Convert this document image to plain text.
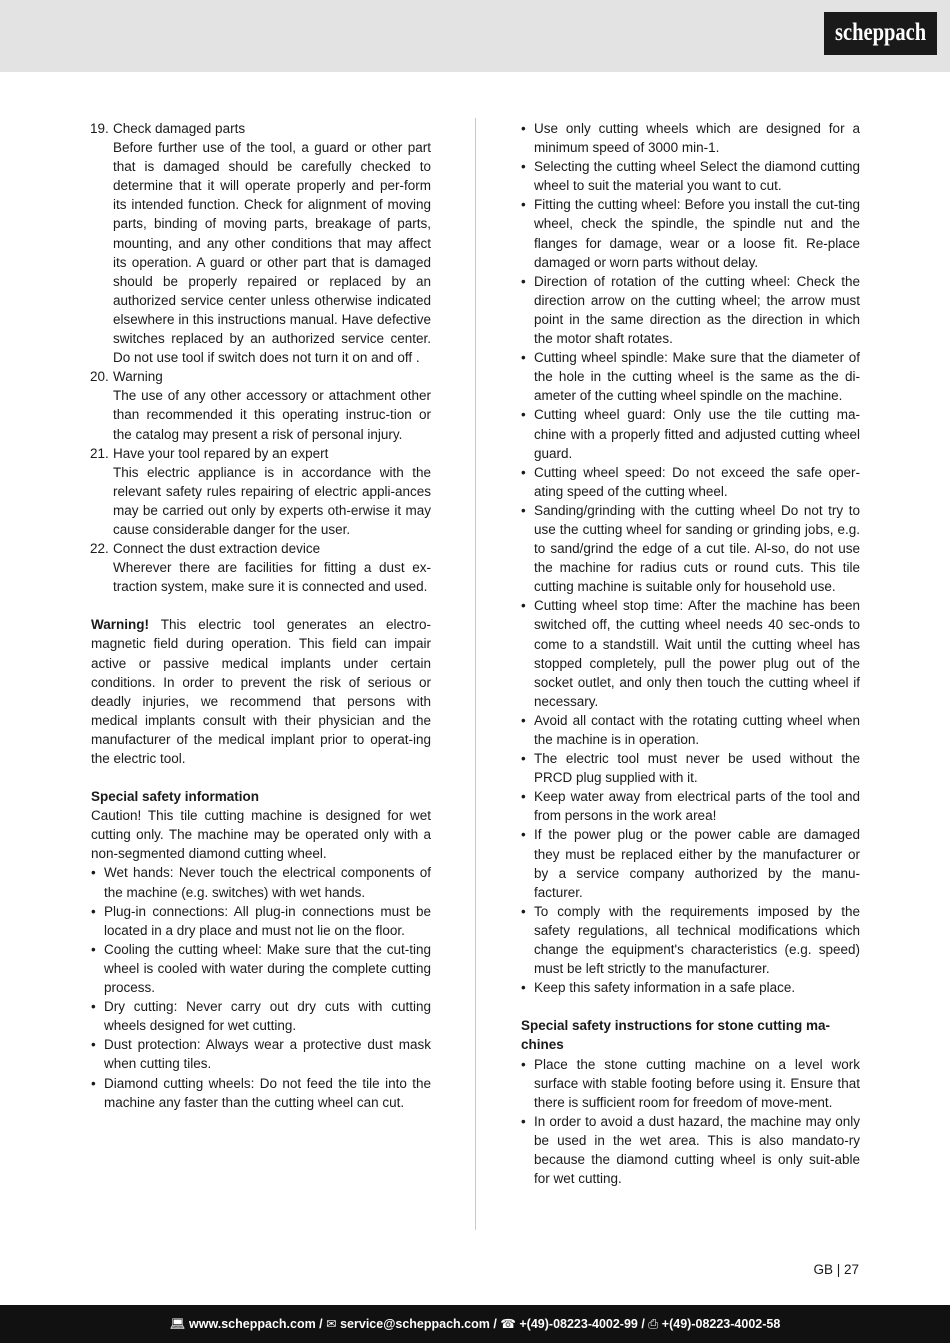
scheppach
19. Check damaged parts

Before further use of the tool, a guard or other part that is damaged should be carefully checked to determine that it will operate properly and per-form its intended function. Check for alignment of moving parts, binding of moving parts, breakage of parts, mounting, and any other conditions that may affect its operation. A guard or other part that is damaged should be properly repaired or replaced by an authorized service center unless otherwise indicated elsewhere in this instructions manual. Have defective switches replaced by an authorized service center. Do not use tool if switch does not turn it on and off .

20. Warning

The use of any other accessory or attachment other than recommended it this operating instruc-tion or the catalog may present a risk of personal injury.

21. Have your tool repared by an expert

This electric appliance is in accordance with the relevant safety rules repairing of electric appli-ances may be carried out only by experts oth-erwise it may cause considerable danger for the user.

22. Connect the dust extraction device

Wherever there are facilities for fitting a dust ex-traction system, make sure it is connected and used.

Warning! This electric tool generates an electro-magnetic field during operation. This field can impair active or passive medical implants under certain conditions. In order to prevent the risk of serious or deadly injuries, we recommend that persons with medical implants consult with their physician and the manufacturer of the medical implant prior to operat-ing the electric tool.

Special safety information

Caution! This tile cutting machine is designed for wet cutting only. The machine may be operated only with a non-segmented diamond cutting wheel.

• Wet hands: Never touch the electrical components of the machine (e.g. switches) with wet hands.
• Plug-in connections: All plug-in connections must be located in a dry place and must not lie on the floor.
• Cooling the cutting wheel: Make sure that the cut-ting wheel is cooled with water during the complete cutting process.
• Dry cutting: Never carry out dry cuts with cutting wheels designed for wet cutting.
• Dust protection: Always wear a protective dust mask when cutting tiles.
• Diamond cutting wheels: Do not feed the tile into the machine any faster than the cutting wheel can cut.
• Use only cutting wheels which are designed for a minimum speed of 3000 min-1.
• Selecting the cutting wheel Select the diamond cutting wheel to suit the material you want to cut.
• Fitting the cutting wheel: Before you install the cut-ting wheel, check the spindle, the spindle nut and the flanges for damage, wear or a loose fit. Re-place damaged or worn parts without delay.
• Direction of rotation of the cutting wheel: Check the direction arrow on the cutting wheel; the arrow must point in the same direction as the direction in which the motor shaft rotates.
• Cutting wheel spindle: Make sure that the diameter of the hole in the cutting wheel is the same as the di-ameter of the cutting wheel spindle on the machine.
• Cutting wheel guard: Only use the tile cutting ma-chine with a properly fitted and adjusted cutting wheel guard.
• Cutting wheel speed: Do not exceed the safe oper-ating speed of the cutting wheel.
• Sanding/grinding with the cutting wheel Do not try to use the cutting wheel for sanding or grinding jobs, e.g. to sand/grind the edge of a cut tile. Al-so, do not use the machine for radius cuts or round cuts. This tile cutting machine is suitable only for household use.
• Cutting wheel stop time: After the machine has been switched off, the cutting wheel needs 40 sec-onds to come to a standstill. Wait until the cutting wheel has stopped completely, pull the power plug out of the socket outlet, and only then touch the cutting wheel if necessary.
• Avoid all contact with the rotating cutting wheel when the machine is in operation.
• The electric tool must never be used without the PRCD plug supplied with it.
• Keep water away from electrical parts of the tool and from persons in the work area!
• If the power plug or the power cable are damaged they must be replaced either by the manufacturer or by a service company authorized by the manu-facturer.
• To comply with the requirements imposed by the safety regulations, all technical modifications which change the equipment's characteristics (e.g. speed) must be left strictly to the manufacturer.
• Keep this safety information in a safe place.

Special safety instructions for stone cutting ma-chines

• Place the stone cutting machine on a level work surface with stable footing before using it. Ensure that there is sufficient room for freedom of move-ment.
• In order to avoid a dust hazard, the machine may only be used in the wet area. This is also mandato-ry because the diamond cutting wheel is only suit-able for wet cutting.
GB | 27
💻︎ www.scheppach.com / ✉︎ service@scheppach.com / ☎︎ +(49)-08223-4002-99 / ⎙ +(49)-08223-4002-58
